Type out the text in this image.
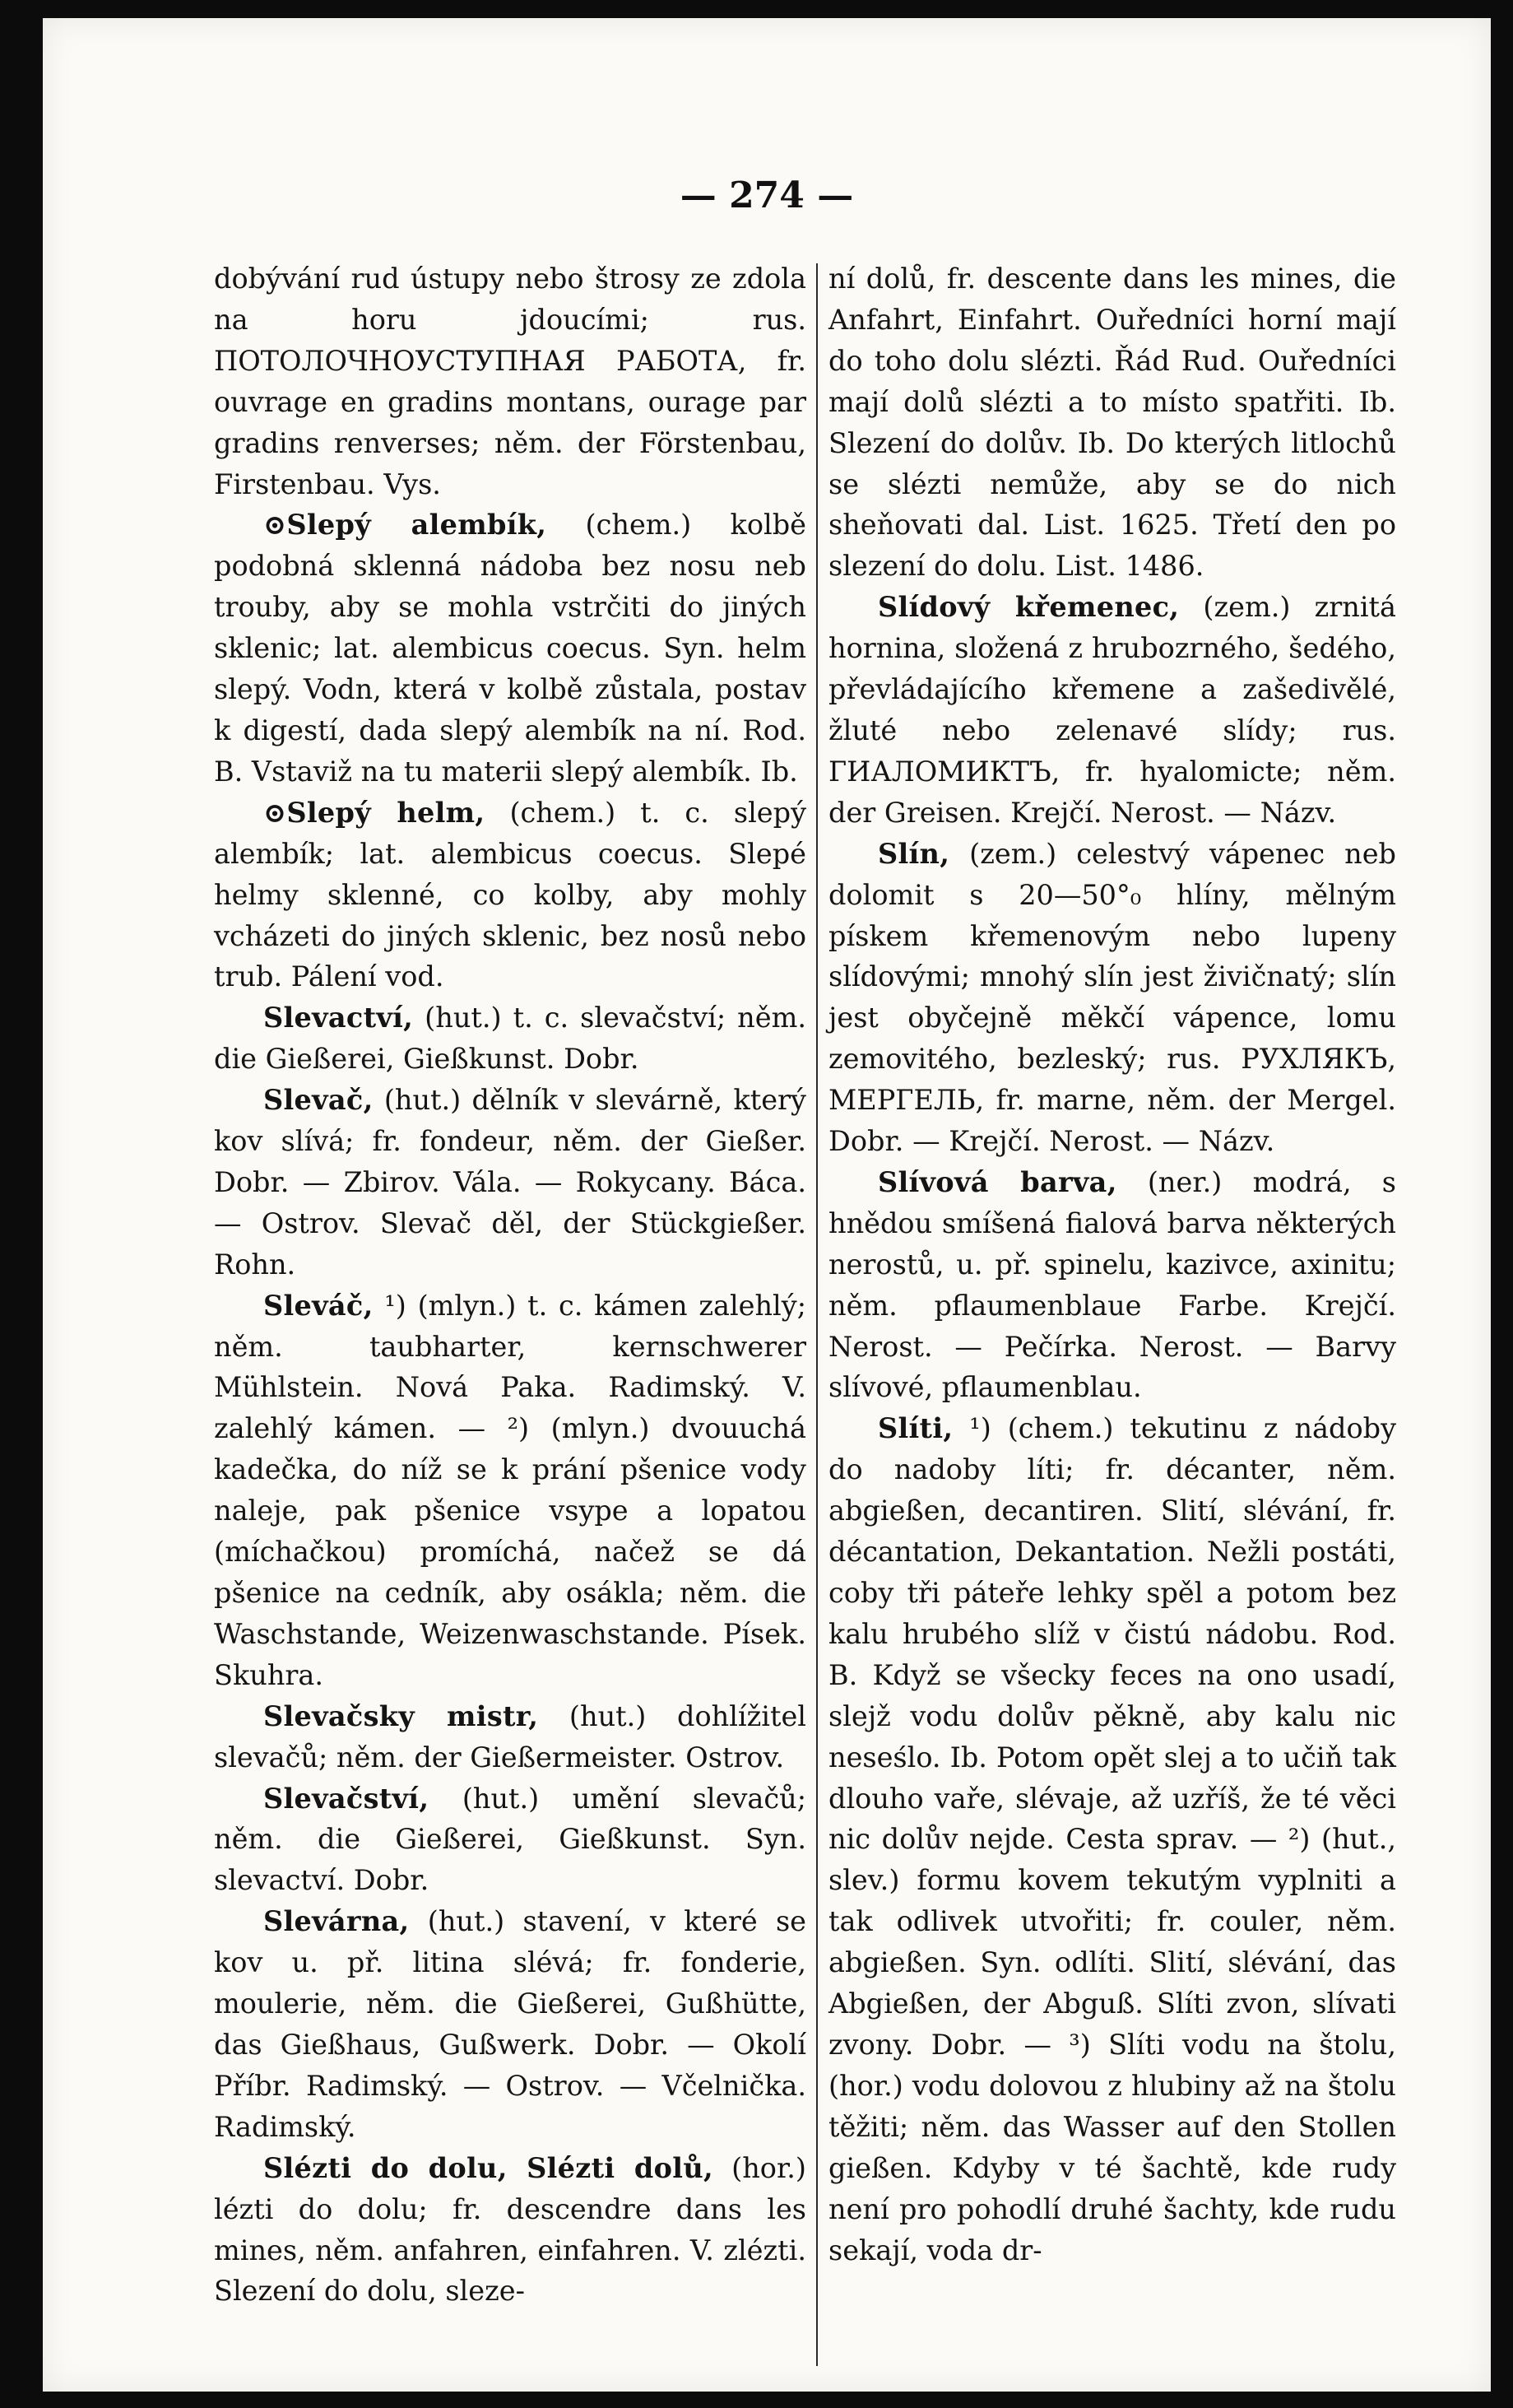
— 274 —

dobývání rud ústupy nebo štrosy ze zdola na horu jdoucími; rus. ПОТОЛОЧНОУСТУПНАЯ РАБОТА, fr. ouvrage en gradins montans, ourage par gradins renverses; něm. der Förstenbau, Firstenbau. Vys.

⊙Slepý alembík, (chem.) kolbě podobná sklenná nádoba bez nosu neb trouby, aby se mohla vstrčiti do jiných sklenic; lat. alembicus coecus. Syn. helm slepý. Vodn, která v kolbě zůstala, postav k digestí, dada slepý alembík na ní. Rod. B. Vstaviž na tu materii slepý alembík. Ib.

⊙Slepý helm, (chem.) t. c. slepý alembík; lat. alembicus coecus. Slepé helmy sklenné, co kolby, aby mohly vcházeti do jiných sklenic, bez nosů nebo trub. Pálení vod.

Slevactví, (hut.) t. c. slevačství; něm. die Gießerei, Gießkunst. Dobr.

Slevač, (hut.) dělník v slevárně, který kov slívá; fr. fondeur, něm. der Gießer. Dobr. — Zbirov. Vála. — Rokycany. Báca. — Ostrov. Slevač děl, der Stückgießer. Rohn.

Sleváč, ¹) (mlyn.) t. c. kámen zalehlý; něm. taubharter, kernschwerer Mühlstein. Nová Paka. Radimský. V. zalehlý kámen. — ²) (mlyn.) dvouuchá kadečka, do níž se k pránı́ pšenice vody naleje, pak pšenice vsype a lopatou (míchačkou) promíchá, načež se dá pšenice na cedník, aby osákla; něm. die Waschstande, Weizenwaschstande. Písek. Skuhra.

Slevačsky mistr, (hut.) dohlížitel slevačů; něm. der Gießermeister. Ostrov.

Slevačství, (hut.) umění slevačů; něm. die Gießerei, Gießkunst. Syn. slevactví. Dobr.

Slevárna, (hut.) stavení, v které se kov u. př. litina slévá; fr. fonderie, moulerie, něm. die Gießerei, Gußhütte, das Gießhaus, Gußwerk. Dobr. — Okolí Příbr. Radimský. — Ostrov. — Včelnička. Radimský.

Slézti do dolu, Slézti dolů, (hor.) lézti do dolu; fr. descendre dans les mines, něm. anfahren, einfahren. V. zlézti. Slezení do dolu, sleze-

ní dolů, fr. descente dans les mines, die Anfahrt, Einfahrt. Ouředníci horní mají do toho dolu slézti. Řád Rud. Ouředníci mají dolů slézti a to místo spatřiti. Ib. Slezení do dolův. Ib. Do kterých litlochů se slézti nemůže, aby se do nich sheňovati dal. List. 1625. Třetí den po slezení do dolu. List. 1486.

Slídový křemenec, (zem.) zrnitá hornina, složená z hrubozrného, šedého, převládajícího křemene a zašedivělé, žluté nebo zelenavé slídy; rus. ГИАЛОМИКТЪ, fr. hyalomicte; něm. der Greisen. Krejčí. Nerost. — Názv.

Slín, (zem.) celestvý vápenec neb dolomit s 20—50°₀ hlíny, mělným pískem křemenovým nebo lupeny slídovými; mnohý slín jest živičnatý; slín jest obyčejně měkčí vápence, lomu zemovitého, bezleský; rus. РУХЛЯКЪ, МЕРГЕЛЬ, fr. marne, něm. der Mergel. Dobr. — Krejčí. Nerost. — Názv.

Slívová barva, (ner.) modrá, s hnědou smíšená fialová barva některých nerostů, u. př. spinelu, kazivce, axinitu; něm. pflaumenblaue Farbe. Krejčí. Nerost. — Pečírka. Nerost. — Barvy slívové, pflaumenblau.

Slíti, ¹) (chem.) tekutinu z nádoby do nadoby líti; fr. décanter, něm. abgießen, decantiren. Slití, slévání, fr. décantation, Dekantation. Nežli postáti, coby tři páteře lehky spěl a potom bez kalu hrubého slíž v čistú nádobu. Rod. B. Když se všecky feces na ono usadí, slejž vodu dolův pěkně, aby kalu nic neseślo. Ib. Potom opět slej a to učiň tak dlouho vaře, slévaje, až uzříš, že té věci nic dolův nejde. Cesta sprav. — ²) (hut., slev.) formu kovem tekutým vyplniti a tak odlivek utvořiti; fr. couler, něm. abgießen. Syn. odlíti. Slití, slévání, das Abgießen, der Abguß. Slíti zvon, slívati zvony. Dobr. — ³) Slíti vodu na štolu, (hor.) vodu dolovou z hlubiny až na štolu těžiti; něm. das Wasser auf den Stollen gießen. Kdyby v té šachtě, kde rudy není pro pohodlí druhé šachty, kde rudu sekají, voda dr-
